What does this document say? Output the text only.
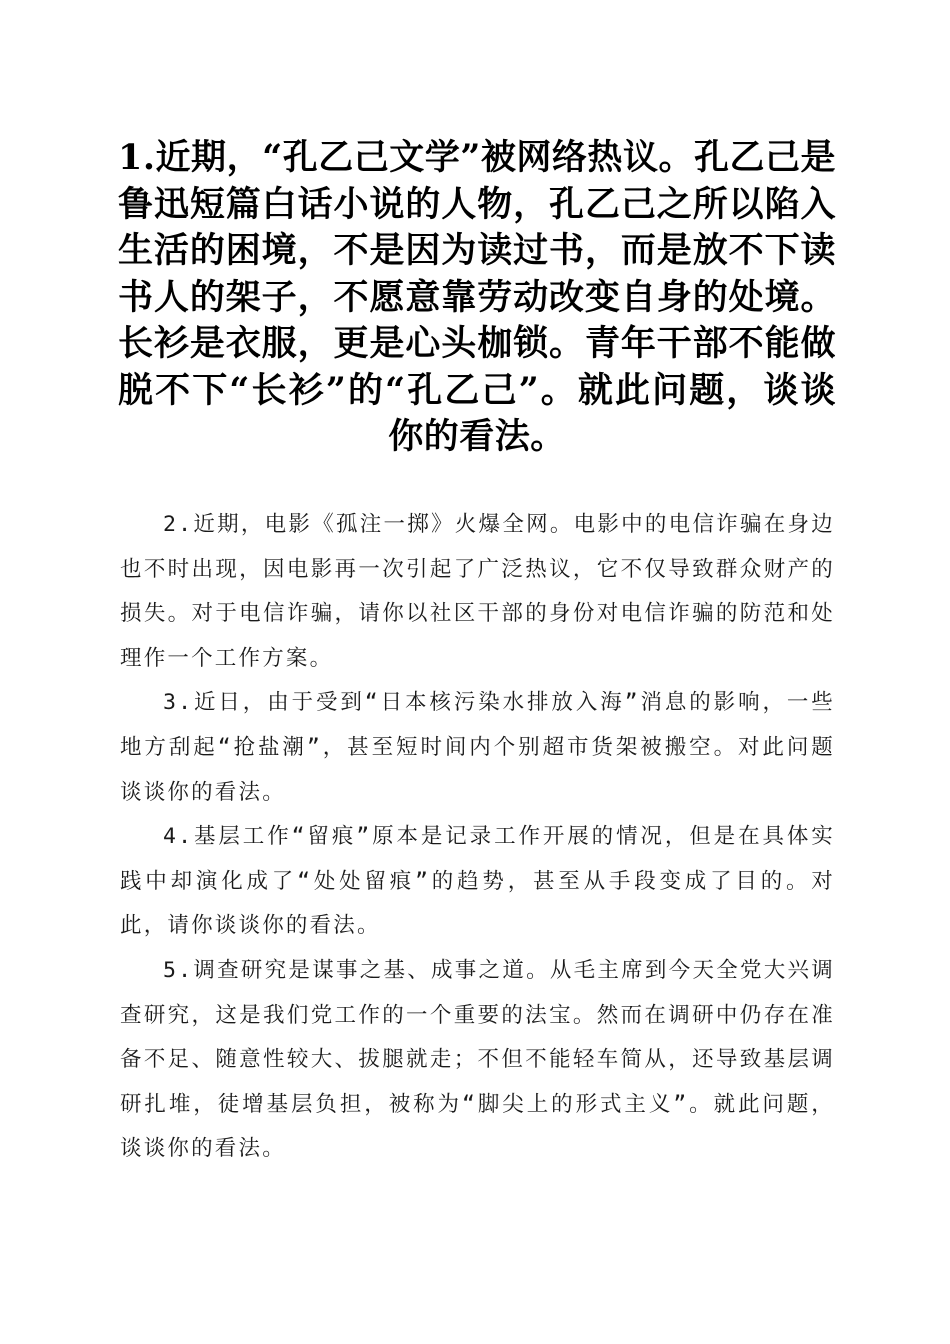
1.近期，“孔乙己文学”被网络热议。孔乙己是鲁迅短篇白话小说的人物，孔乙己之所以陷入生活的困境，不是因为读过书，而是放不下读书人的架子，不愿意靠劳动改变自身的处境。长衫是衣服，更是心头枷锁。青年干部不能做脱不下“长衫”的“孔乙己”。就此问题，谈谈你的看法。

2.近期，电影《孤注一掷》火爆全网。电影中的电信诈骗在身边也不时出现，因电影再一次引起了广泛热议，它不仅导致群众财产的损失。对于电信诈骗，请你以社区干部的身份对电信诈骗的防范和处理作一个工作方案。

3.近日，由于受到“日本核污染水排放入海”消息的影响，一些地方刮起“抢盐潮”，甚至短时间内个别超市货架被搬空。对此问题谈谈你的看法。

4.基层工作“留痕”原本是记录工作开展的情况，但是在具体实践中却演化成了“处处留痕”的趋势，甚至从手段变成了目的。对此，请你谈谈你的看法。

5.调查研究是谋事之基、成事之道。从毛主席到今天全党大兴调查研究，这是我们党工作的一个重要的法宝。然而在调研中仍存在准备不足、随意性较大、拔腿就走；不但不能轻车简从，还导致基层调研扎堆，徒增基层负担，被称为“脚尖上的形式主义”。就此问题，谈谈你的看法。
